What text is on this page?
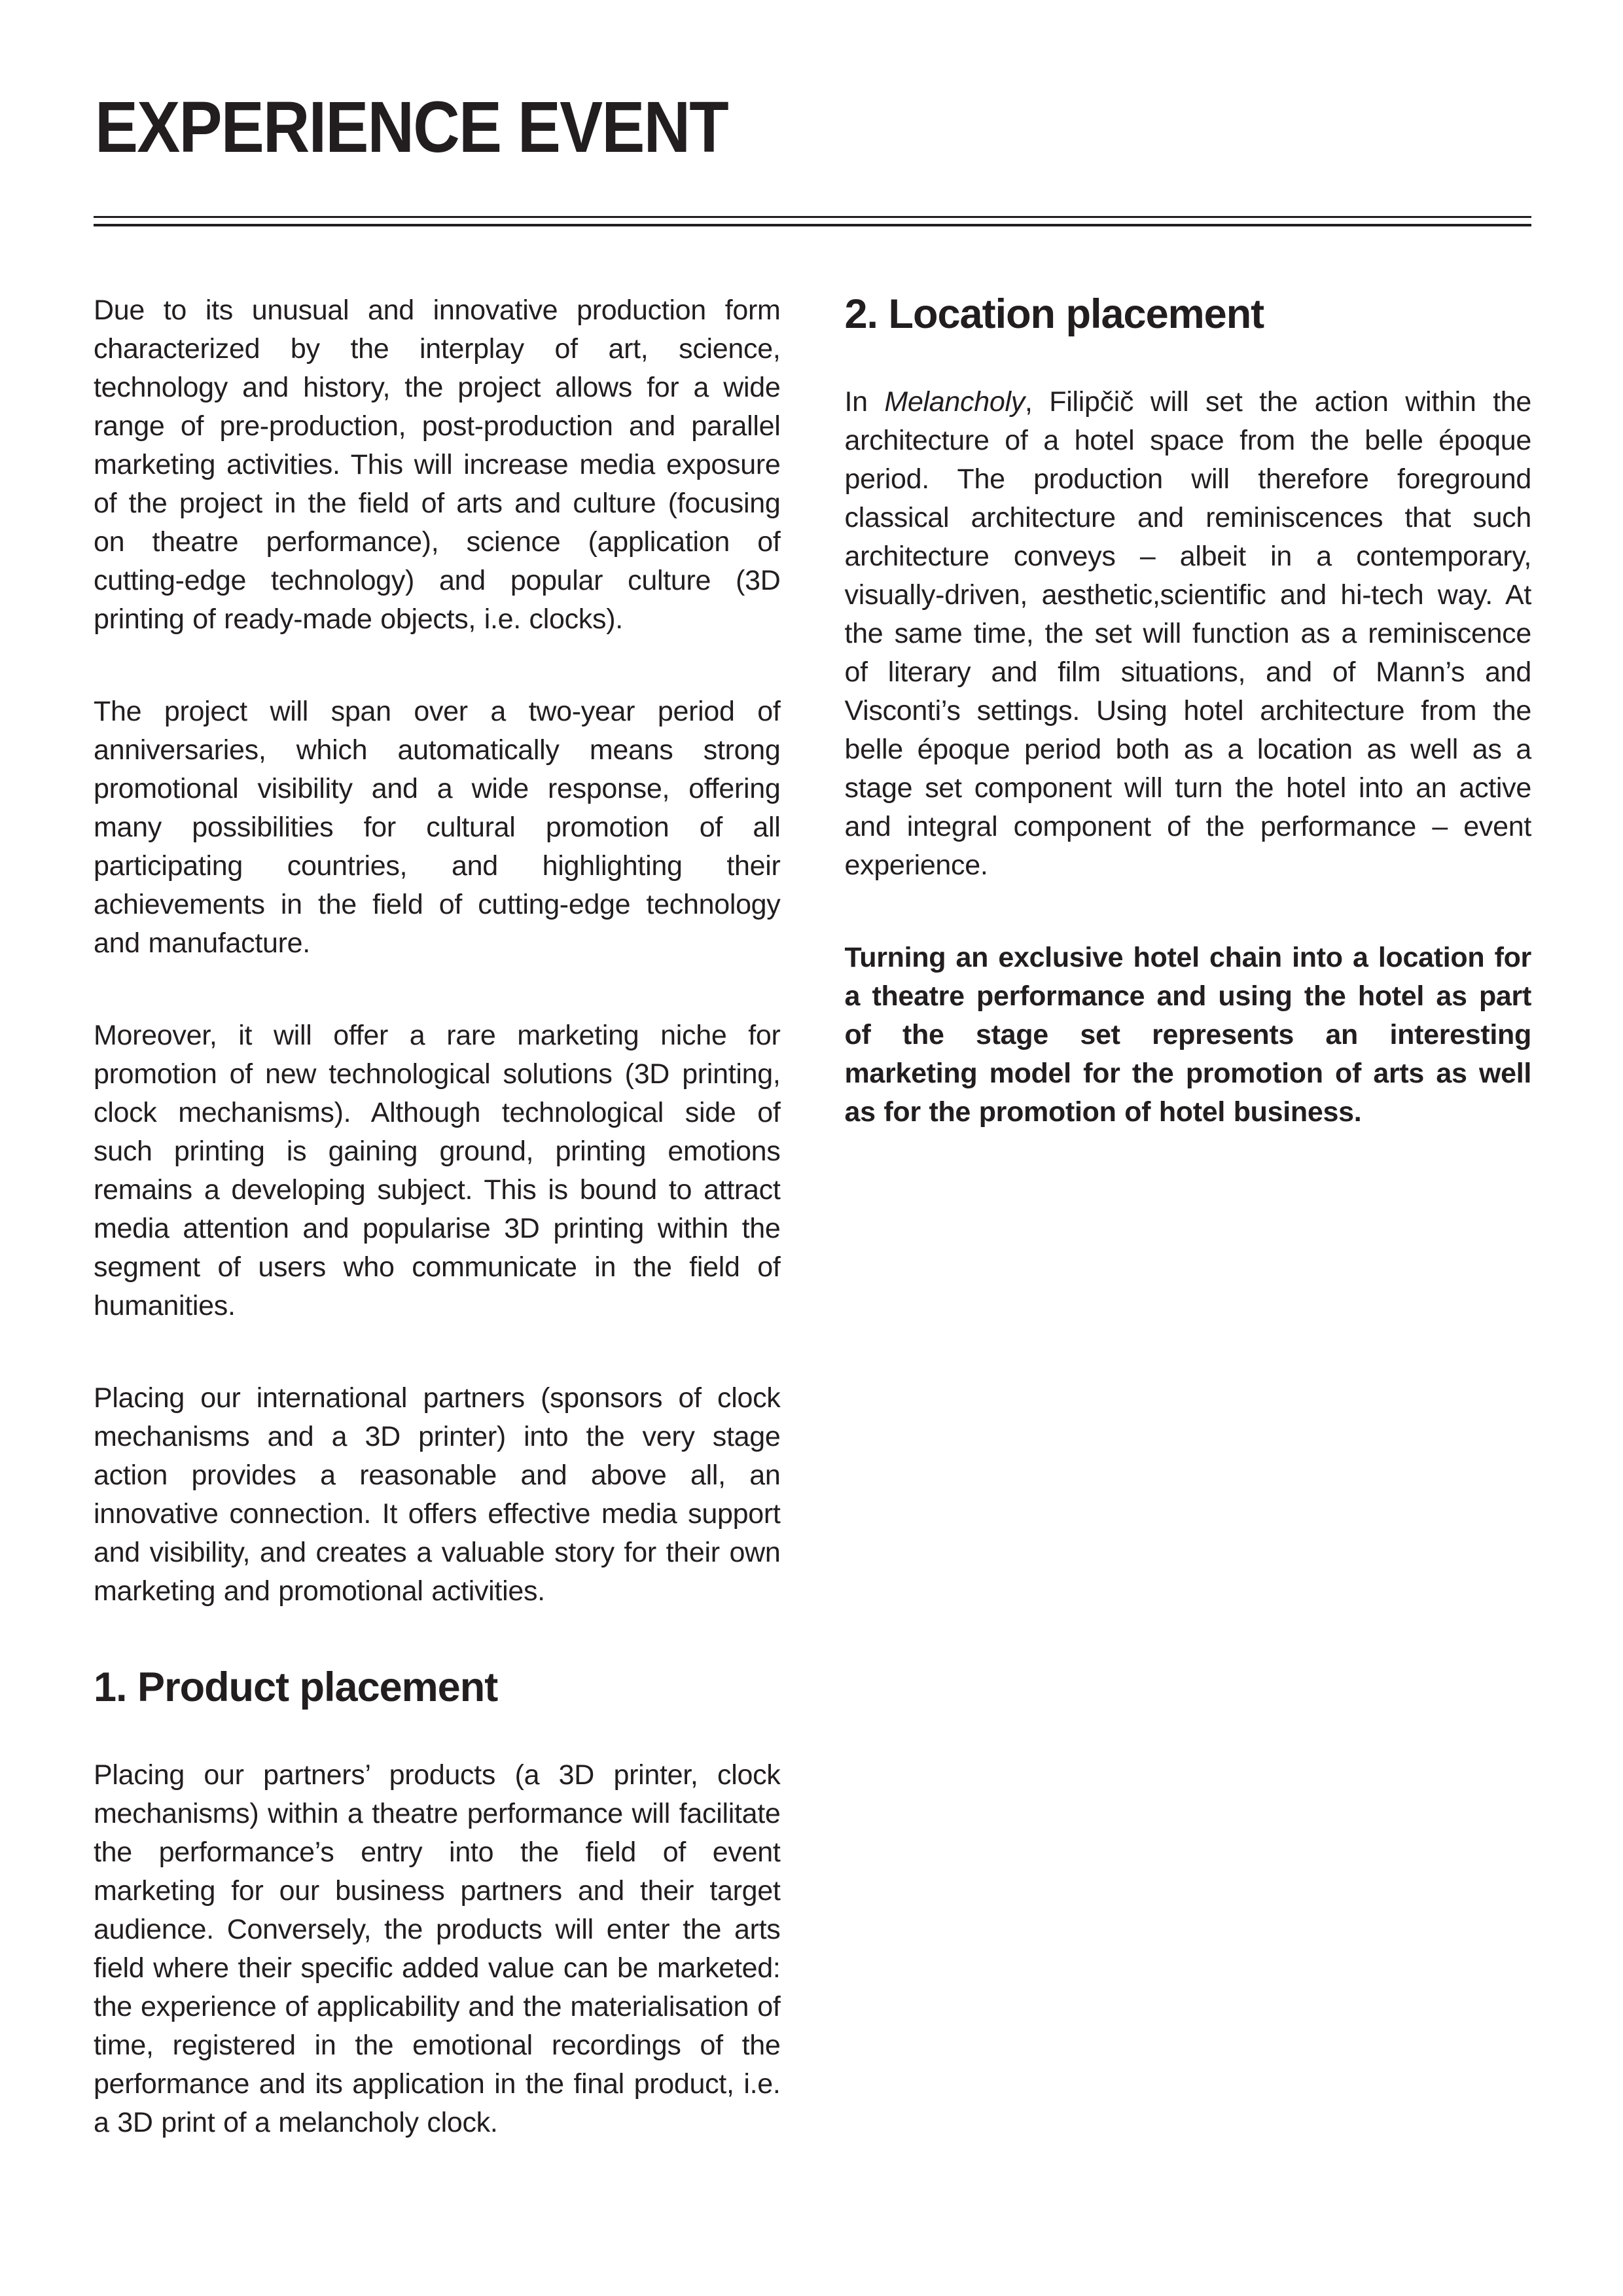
EXPERIENCE EVENT

Due to its unusual and innovative production form characterized by the interplay of art, science, technology and history, the project allows for a wide range of pre-production, post-production and parallel marketing activities. This will increase media exposure of the project in the field of arts and culture (focusing on theatre performance), science (application of cutting-edge technology) and popular culture (3D printing of ready-made objects, i.e. clocks).

The project will span over a two-year period of anniversaries, which automatically means strong promotional visibility and a wide response, offering many possibilities for cultural promotion of all participating countries, and highlighting their achievements in the field of cutting-edge technology and manufacture.

Moreover, it will offer a rare marketing niche for promotion of new technological solutions (3D printing, clock mechanisms). Although technological side of such printing is gaining ground, printing emotions remains a developing subject. This is bound to attract media attention and popularise 3D printing within the segment of users who communicate in the field of humanities.

Placing our international partners (sponsors of clock mechanisms and a 3D printer) into the very stage action provides a reasonable and above all, an innovative connection. It offers effective media support and visibility, and creates a valuable story for their own marketing and promotional activities.

1. Product placement

Placing our partners’ products (a 3D printer, clock mechanisms) within a theatre performance will facilitate the performance’s entry into the field of event marketing for our business partners and their target audience. Conversely, the products will enter the arts field where their specific added value can be marketed: the experience of applicability and the materialisation of time, registered in the emotional recordings of the performance and its application in the final product, i.e. a 3D print of a melancholy clock.

2. Location placement

In Melancholy, Filipčič will set the action within the architecture of a hotel space from the belle époque period. The production will therefore foreground classical architecture and reminiscences that such architecture conveys – albeit in a contemporary, visually-driven, aesthetic,scientific and hi-tech way. At the same time, the set will function as a reminiscence of literary and film situations, and of Mann’s and Visconti’s settings. Using hotel architecture from the belle époque period both as a location as well as a stage set component will turn the hotel into an active and integral component of the performance – event experience.

Turning an exclusive hotel chain into a location for a theatre performance and using the hotel as part of the stage set represents an interesting marketing model for the promotion of arts as well as for the promotion of hotel business.
